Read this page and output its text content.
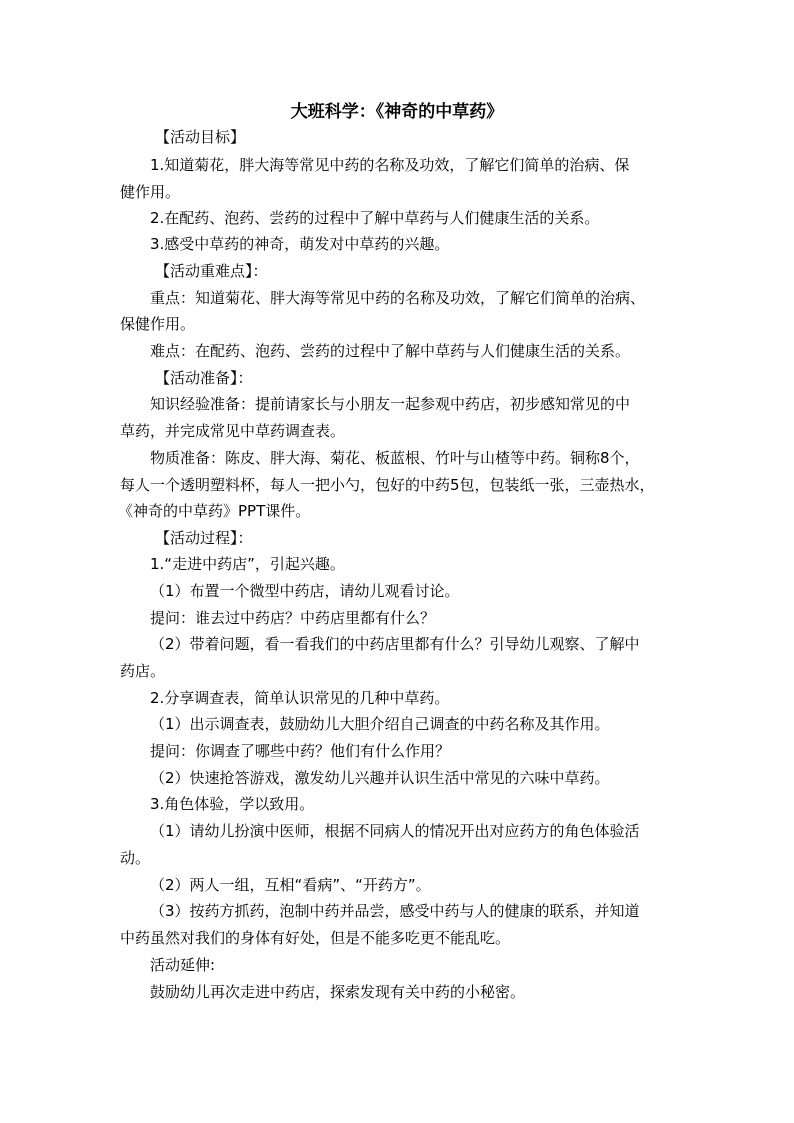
大班科学：《神奇的中草药》
【活动目标】
1.知道菊花，胖大海等常见中药的名称及功效，了解它们简单的治病、保
健作用。
2.在配药、泡药、尝药的过程中了解中草药与人们健康生活的关系。
3.感受中草药的神奇，萌发对中草药的兴趣。
【活动重难点】：
重点：知道菊花、胖大海等常见中药的名称及功效，了解它们简单的治病、
保健作用。
难点：在配药、泡药、尝药的过程中了解中草药与人们健康生活的关系。
【活动准备】：
知识经验准备：提前请家长与小朋友一起参观中药店，初步感知常见的中
草药，并完成常见中草药调查表。
物质准备：陈皮、胖大海、菊花、板蓝根、竹叶与山楂等中药。铜称8个，
每人一个透明塑料杯，每人一把小勺，包好的中药5包，包装纸一张，三壶热水，
《神奇的中草药》PPT课件。
【活动过程】：
1.“走进中药店”，引起兴趣。
（1）布置一个微型中药店，请幼儿观看讨论。
提问：谁去过中药店？中药店里都有什么？
（2）带着问题，看一看我们的中药店里都有什么？引导幼儿观察、了解中
药店。
2.分享调查表，简单认识常见的几种中草药。
（1）出示调查表，鼓励幼儿大胆介绍自己调查的中药名称及其作用。
提问：你调查了哪些中药？他们有什么作用？
（2）快速抢答游戏，激发幼儿兴趣并认识生活中常见的六味中草药。
3.角色体验，学以致用。
（1）请幼儿扮演中医师，根据不同病人的情况开出对应药方的角色体验活
动。
（2）两人一组，互相“看病”、“开药方”。
（3）按药方抓药，泡制中药并品尝，感受中药与人的健康的联系，并知道
中药虽然对我们的身体有好处，但是不能多吃更不能乱吃。
活动延伸:
鼓励幼儿再次走进中药店，探索发现有关中药的小秘密。
